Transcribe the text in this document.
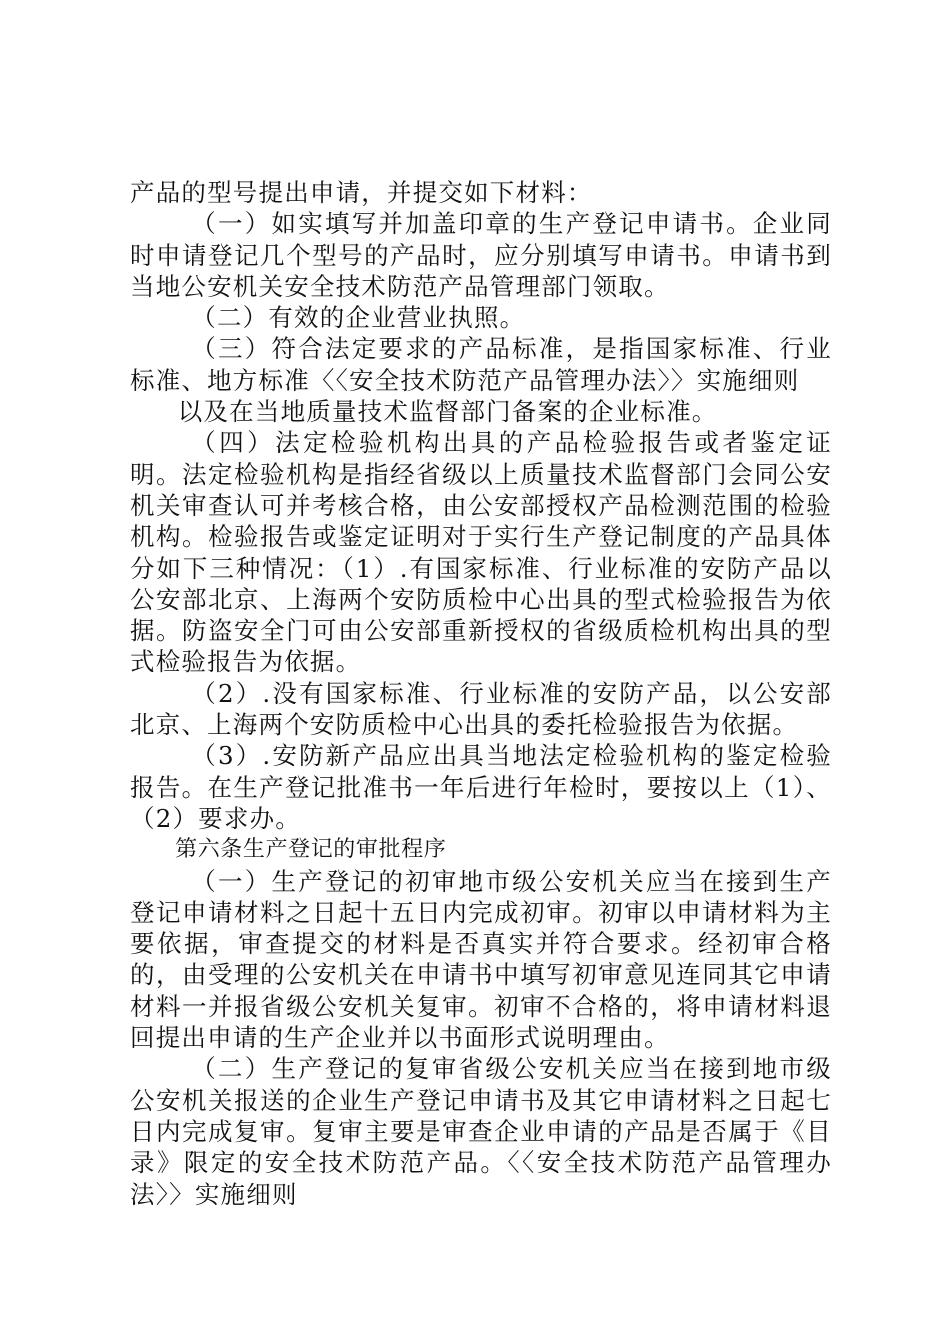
产品的型号提出申请，并提交如下材料：

（一）如实填写并加盖印章的生产登记申请书。企业同时申请登记几个型号的产品时，应分别填写申请书。申请书到当地公安机关安全技术防范产品管理部门领取。

（二）有效的企业营业执照。

（三）符合法定要求的产品标准，是指国家标准、行业标准、地方标准〈〈安全技术防范产品管理办法〉〉实施细则

以及在当地质量技术监督部门备案的企业标准。

（四）法定检验机构出具的产品检验报告或者鉴定证明。法定检验机构是指经省级以上质量技术监督部门会同公安机关审查认可并考核合格，由公安部授权产品检测范围的检验机构。检验报告或鉴定证明对于实行生产登记制度的产品具体分如下三种情况：（1）.有国家标准、行业标准的安防产品以公安部北京、上海两个安防质检中心出具的型式检验报告为依据。防盗安全门可由公安部重新授权的省级质检机构出具的型式检验报告为依据。

（2）.没有国家标准、行业标准的安防产品，以公安部北京、上海两个安防质检中心出具的委托检验报告为依据。

（3）.安防新产品应出具当地法定检验机构的鉴定检验报告。在生产登记批准书一年后进行年检时，要按以上（1）、（2）要求办。

第六条生产登记的审批程序

（一）生产登记的初审地市级公安机关应当在接到生产登记申请材料之日起十五日内完成初审。初审以申请材料为主要依据，审查提交的材料是否真实并符合要求。经初审合格的，由受理的公安机关在申请书中填写初审意见连同其它申请材料一并报省级公安机关复审。初审不合格的，将申请材料退回提出申请的生产企业并以书面形式说明理由。

（二）生产登记的复审省级公安机关应当在接到地市级公安机关报送的企业生产登记申请书及其它申请材料之日起七日内完成复审。复审主要是审查企业申请的产品是否属于《目录》限定的安全技术防范产品。〈〈安全技术防范产品管理办法〉〉实施细则
